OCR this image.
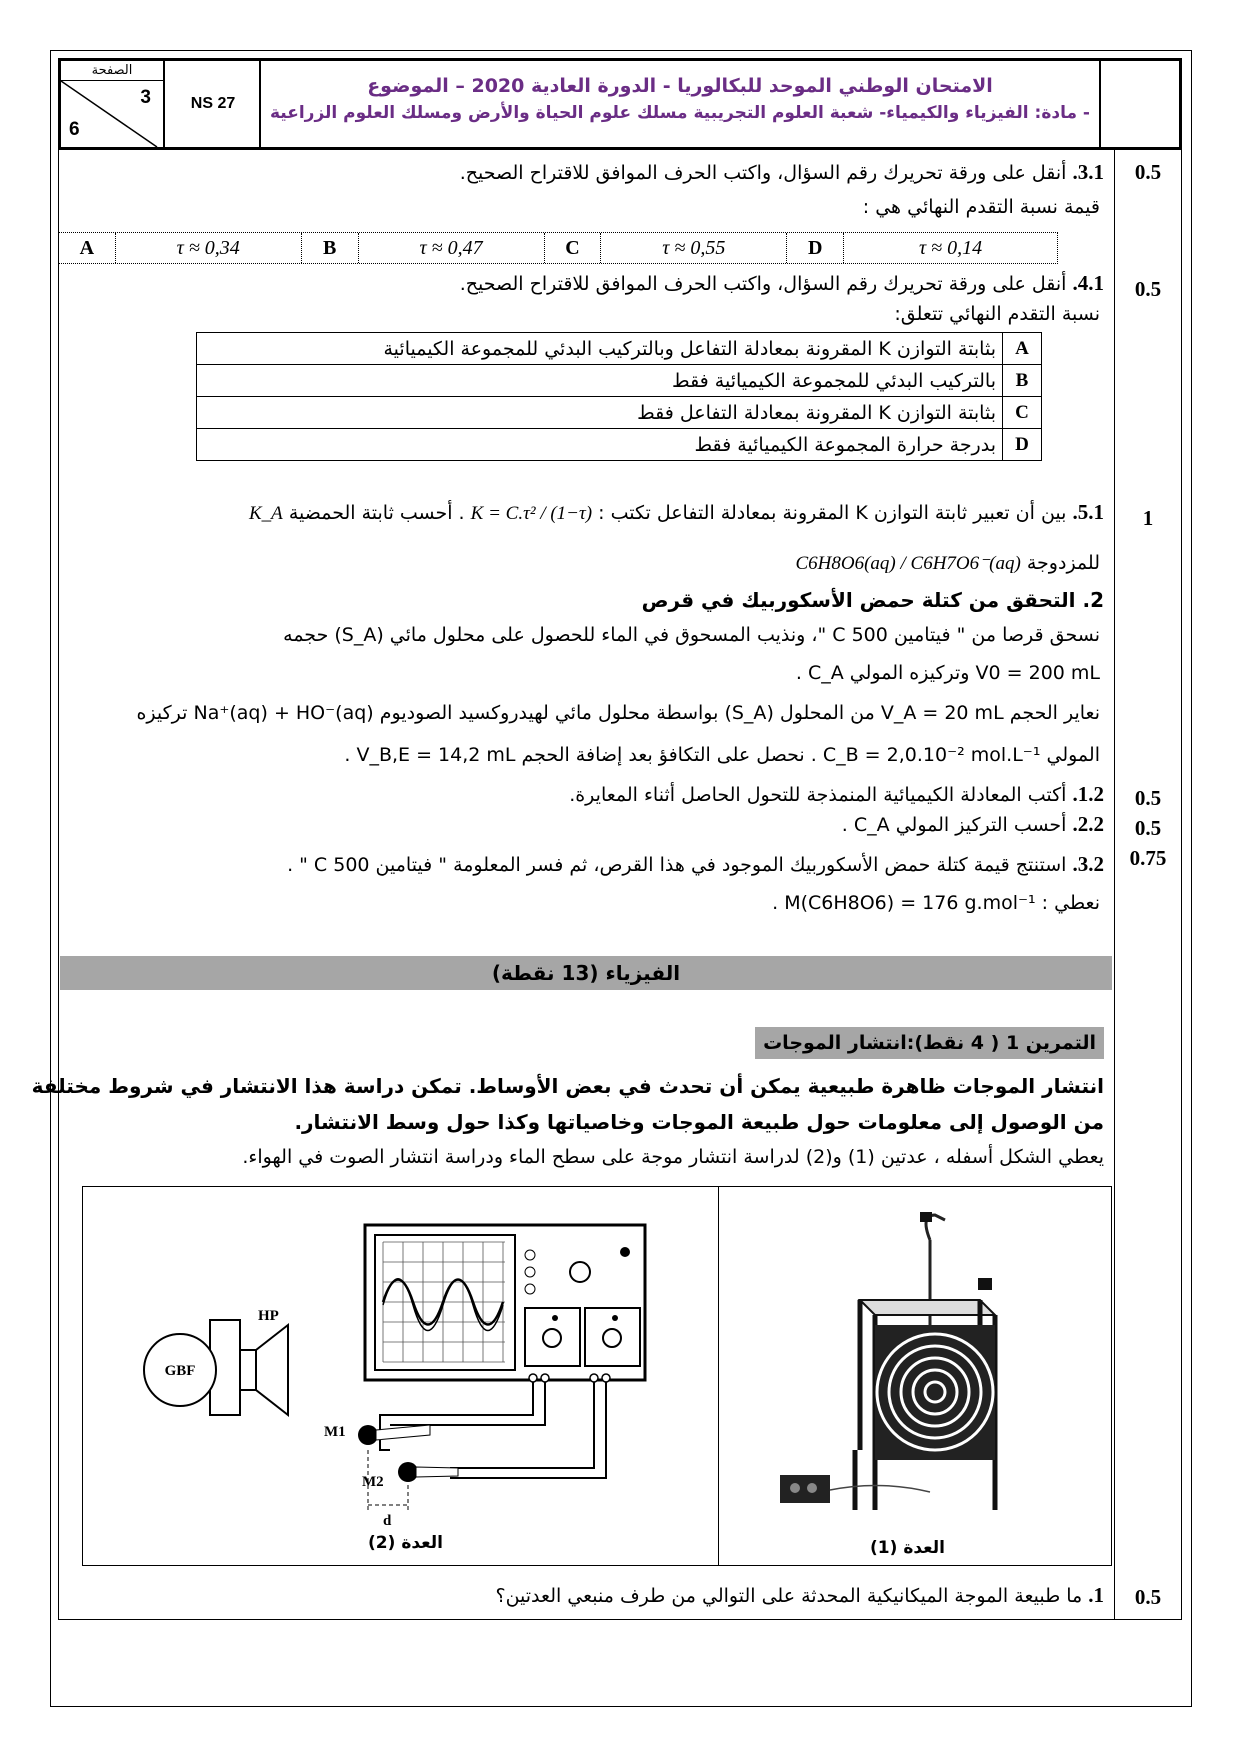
الصفحة
3
6
NS 27
الامتحان الوطني الموحد للبكالوريا - الدورة العادية 2020 – الموضوع
- مادة: الفيزياء والكيمياء- شعبة العلوم التجريبية مسلك علوم الحياة والأرض ومسلك العلوم الزراعية
0.5
3.1. أنقل على ورقة تحريرك رقم السؤال، واكتب الحرف الموافق للاقتراح الصحيح.
قيمة نسبة التقدم النهائي هي :
A	τ ≈ 0,34	B	τ ≈ 0,47	C	τ ≈ 0,55	D	τ ≈ 0,14
0.5
4.1. أنقل على ورقة تحريرك رقم السؤال، واكتب الحرف الموافق للاقتراح الصحيح.
نسبة التقدم النهائي تتعلق:
A	بثابتة التوازن K المقرونة بمعادلة التفاعل وبالتركيب البدئي للمجموعة الكيميائية
B	بالتركيب البدئي للمجموعة الكيميائية فقط
C	بثابتة التوازن K المقرونة بمعادلة التفاعل فقط
D	بدرجة حرارة المجموعة الكيميائية فقط
1
5.1. بين أن تعبير ثابتة التوازن K المقرونة بمعادلة التفاعل تكتب : K = C.τ² / (1−τ) . أحسب ثابتة الحمضية K_A
للمزدوجة C6H8O6(aq) / C6H7O6⁻(aq)
2. التحقق من كتلة حمض الأسكوربيك في قرص
نسحق قرصا من " فيتامين C 500 "، ونذيب المسحوق في الماء للحصول على محلول مائي (S_A) حجمه
V0 = 200 mL وتركيزه المولي C_A .
نعاير الحجم V_A = 20 mL من المحلول (S_A) بواسطة محلول مائي لهيدروكسيد الصوديوم Na⁺(aq) + HO⁻(aq) تركيزه
المولي C_B = 2,0.10⁻² mol.L⁻¹ . نحصل على التكافؤ بعد إضافة الحجم V_B,E = 14,2 mL .
0.5
1.2. أكتب المعادلة الكيميائية المنمذجة للتحول الحاصل أثناء المعايرة.
0.5
2.2. أحسب التركيز المولي C_A .
0.75
3.2. استنتج قيمة كتلة حمض الأسكوربيك الموجود في هذا القرص، ثم فسر المعلومة " فيتامين C 500 " .
نعطي : M(C6H8O6) = 176 g.mol⁻¹ .
الفيزياء (13 نقطة)
التمرين 1 ( 4 نقط):انتشار الموجات
انتشار الموجات ظاهرة طبيعية يمكن أن تحدث في بعض الأوساط. تمكن دراسة هذا الانتشار في شروط مختلفة
من الوصول إلى معلومات حول طبيعة الموجات وخاصياتها وكذا حول وسط الانتشار.
يعطي الشكل أسفله ، عدتين (1) و(2) لدراسة انتشار موجة على سطح الماء ودراسة انتشار الصوت في الهواء.
M1
M2
d
GBF
HP
العدة (2)	العدة (1)
0.5
1. ما طبيعة الموجة الميكانيكية المحدثة على التوالي من طرف منبعي العدتين؟
